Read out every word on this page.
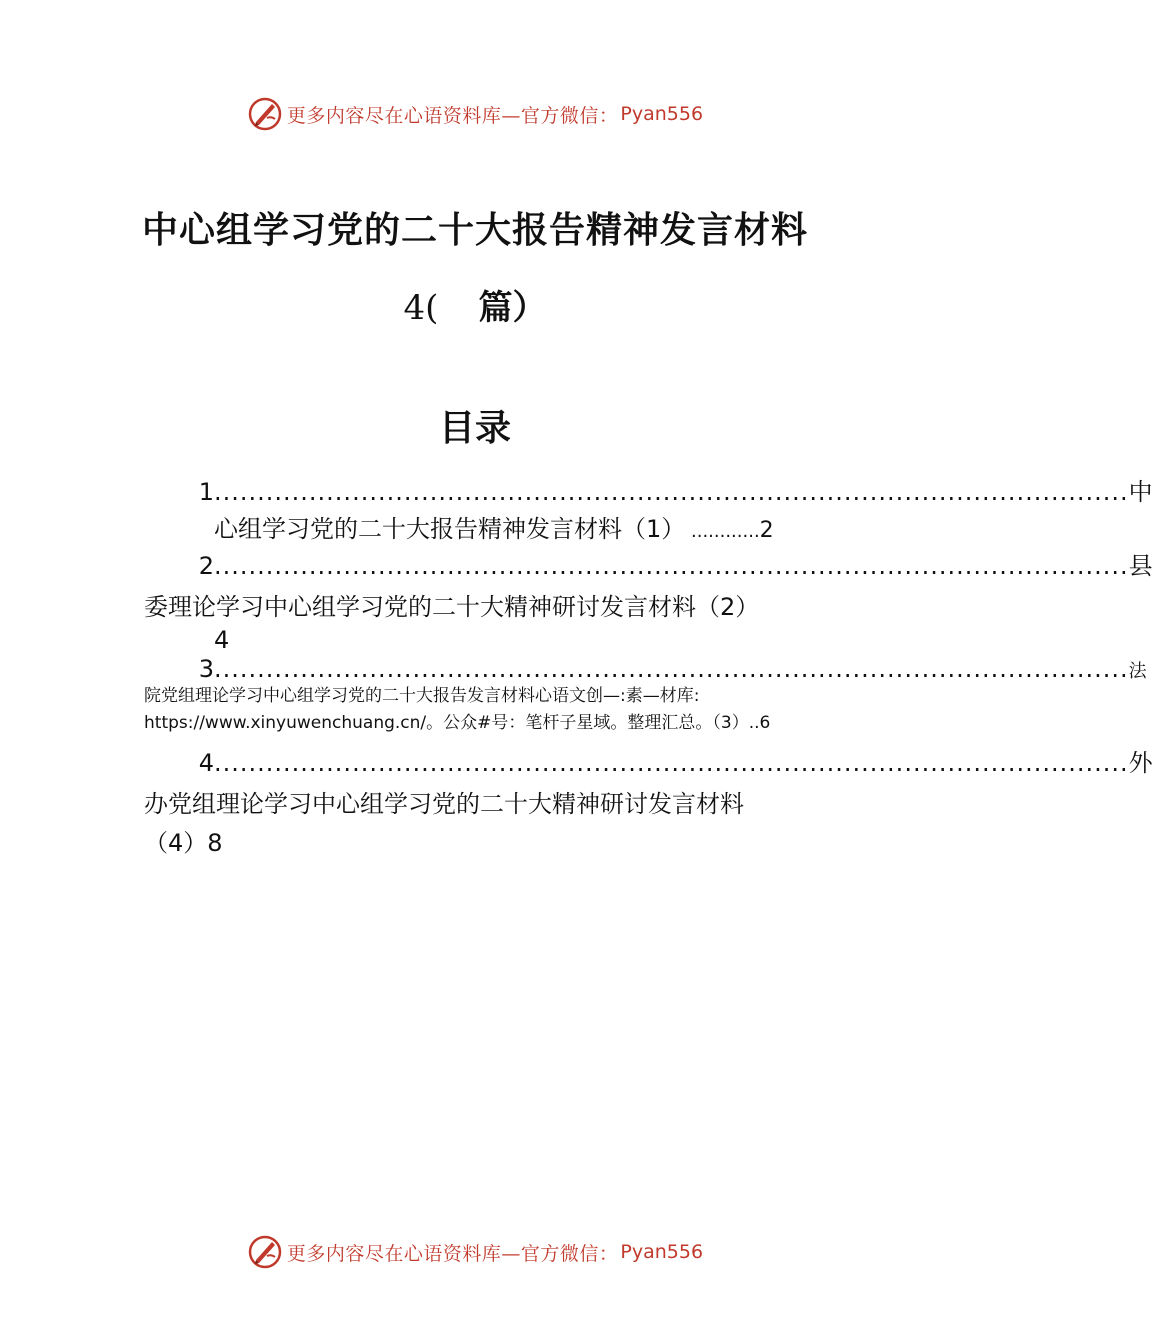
更多内容尽在心语资料库—官方微信： Pyan556
中心组学习党的二十大报告精神发言材料
4( 篇）
目录
1 .......................................................................................................... 中
心组学习党的二十大报告精神发言材料（1） ............ 2
2 .......................................................................................................... 县
委理论学习中心组学习党的二十大精神研讨发言材料（2）
4
3 .......................................................................................................... 法
院党组理论学习中心组学习党的二十大报告发言材料心语文创—:素—材库:
https://www.xinyuwenchuang.cn/。公众#号：笔杆子星域。整理汇总。（3）..6
4 .......................................................................................................... 外
办党组理论学习中心组学习党的二十大精神研讨发言材料
（4）8
更多内容尽在心语资料库—官方微信： Pyan556
